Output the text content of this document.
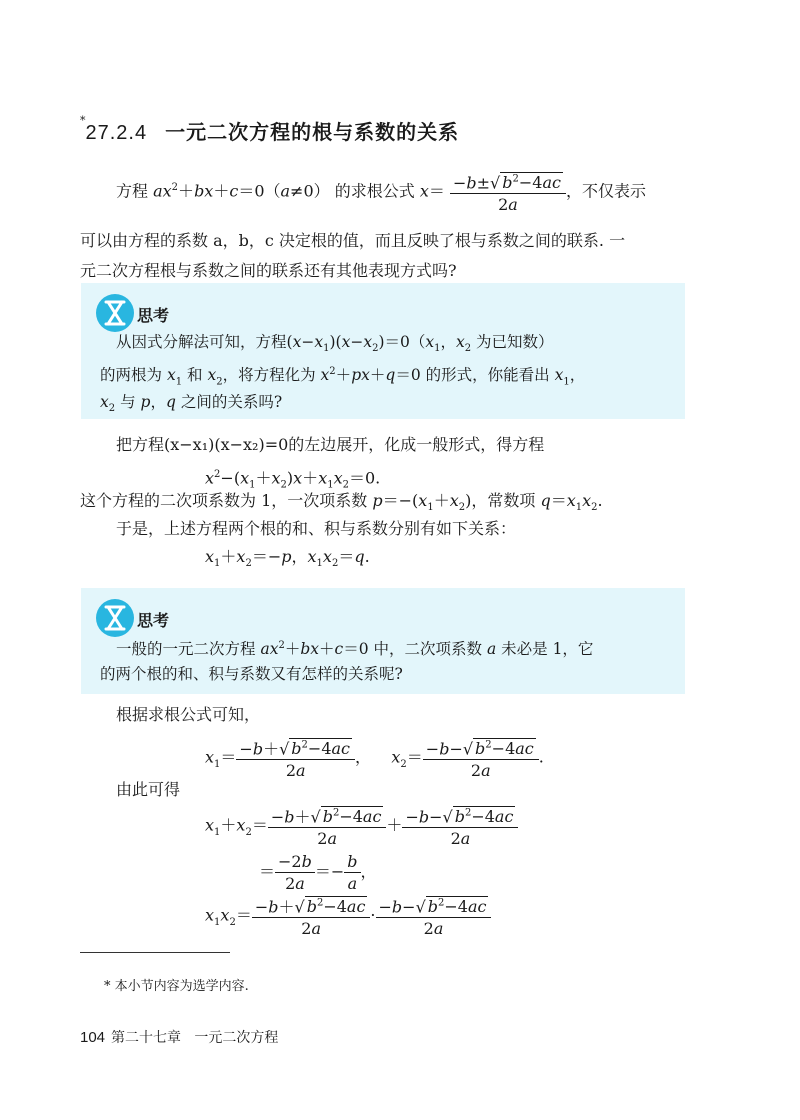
*27.2.4 一元二次方程的根与系数的关系
方程 $ax^2+bx+c=0(a\ne 0)$ 的求根公式 $x= \frac{-b\pm√ b^2-4ac}{2a}$ ，不仅表示
可以由方程的系数 a，b，c 决定根的值，而且反映了根与系数之间的联系. 一
元二次方程根与系数之间的联系还有其他表现方式吗?
思考
从因式分解法可知，方程$(x-x_1)(x-x_2)=0(x_1$，$x_2$ 为已知数）
的两根为 $x_1$ 和 $x_2$，将方程化为 $x^2+px+q=0$ 的形式，你能看出 $x_1$，
$x_2$ 与 p，q 之间的关系吗?
把方程(x−x₁)(x−x₂)=0的左边展开，化成一般形式，得方程
$x^2-(x_1+x_2)x+x_1x_2=0$.
这个方程的二次项系数为 1，一次项系数 $p=-(x_1+x_2)$，常数项 $q=x_1x_2$.
于是，上述方程两个根的和、积与系数分别有如下关系：
$x_1+x_2=-p$，$x_1x_2=q$.
思考
一般的一元二次方程 $ax^2+bx+c=0$ 中，二次项系数 a 未必是 1，它
的两个根的和、积与系数又有怎样的关系呢?
根据求根公式可知，
$x_1= \frac{-b+√ b^2-4ac}{2a}$ ，    $x_2= \frac{-b-√ b^2-4ac}{2a}$ .
由此可得
$x_1+x_2= \frac{-b+√ b^2-4ac}{2a} + \frac{-b-√ b^2-4ac}{2a}$
＝ $\frac{-2b}{2a} =- \frac{b}{a}$ ，
$x_1x_2= \frac{-b+√ b^2-4ac}{2a} \cdot \frac{-b-√ b^2-4ac}{2a}$
* 本小节内容为选学内容.
104 第二十七章 一元二次方程
